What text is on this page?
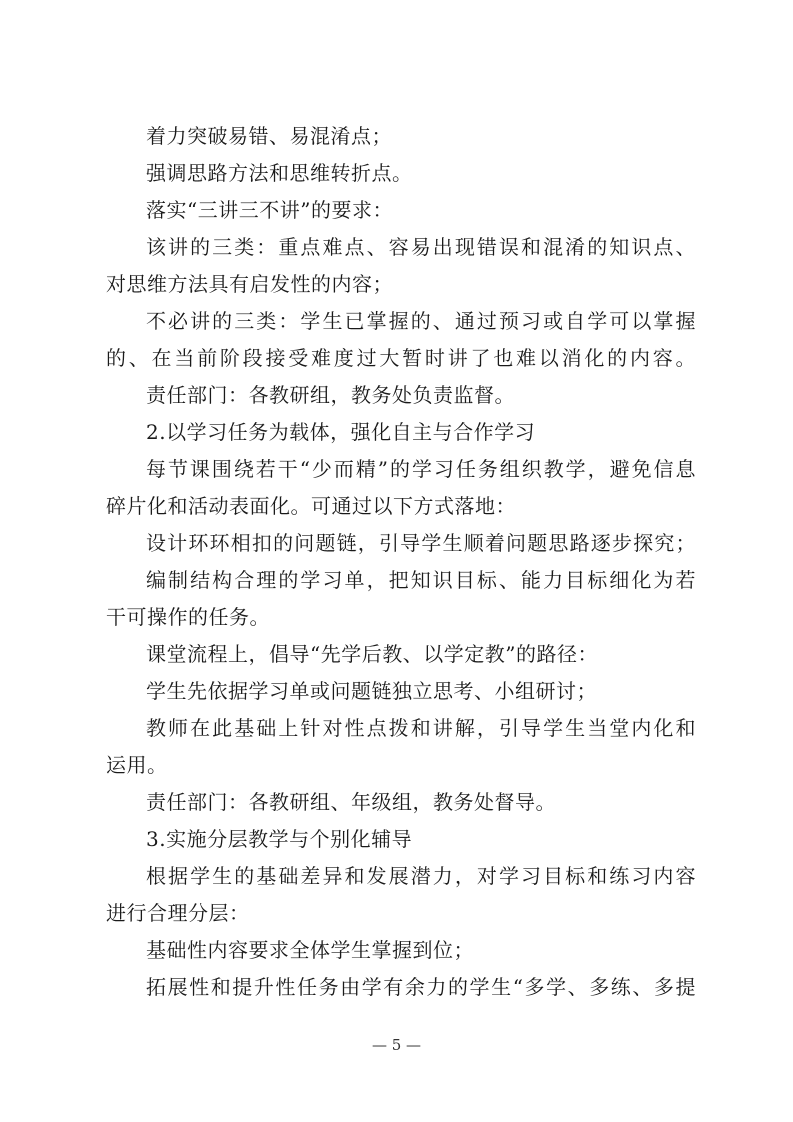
着力突破易错、易混淆点；
强调思路方法和思维转折点。
落实“三讲三不讲”的要求：
该讲的三类：重点难点、容易出现错误和混淆的知识点、
对思维方法具有启发性的内容；
不必讲的三类：学生已掌握的、通过预习或自学可以掌握
的、在当前阶段接受难度过大暂时讲了也难以消化的内容。
责任部门：各教研组，教务处负责监督。
2.以学习任务为载体，强化自主与合作学习
每节课围绕若干“少而精”的学习任务组织教学，避免信息
碎片化和活动表面化。可通过以下方式落地：
设计环环相扣的问题链，引导学生顺着问题思路逐步探究；
编制结构合理的学习单，把知识目标、能力目标细化为若
干可操作的任务。
课堂流程上，倡导“先学后教、以学定教”的路径：
学生先依据学习单或问题链独立思考、小组研讨；
教师在此基础上针对性点拨和讲解，引导学生当堂内化和
运用。
责任部门：各教研组、年级组，教务处督导。
3.实施分层教学与个别化辅导
根据学生的基础差异和发展潜力，对学习目标和练习内容
进行合理分层：
基础性内容要求全体学生掌握到位；
拓展性和提升性任务由学有余力的学生“多学、多练、多提
— 5 —
